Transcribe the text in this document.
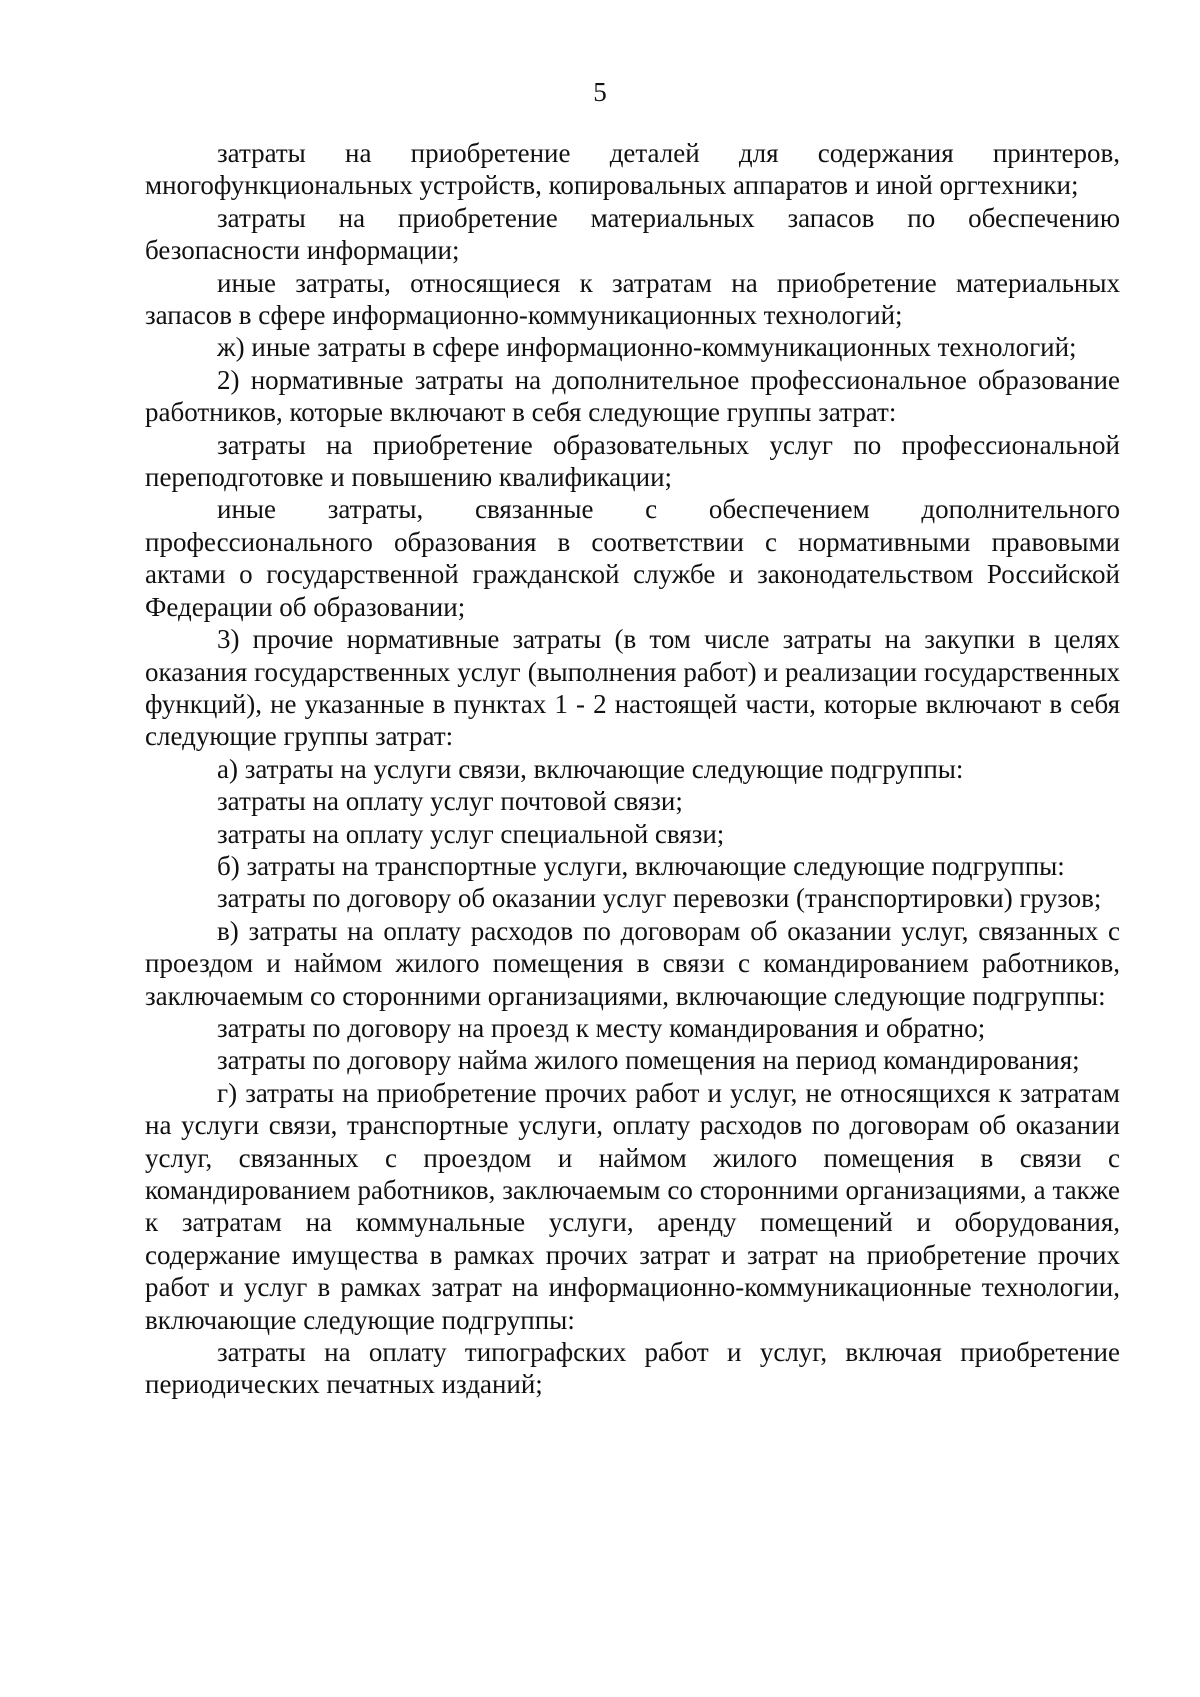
5

затраты на приобретение деталей для содержания принтеров, многофункциональных устройств, копировальных аппаратов и иной оргтехники;

затраты на приобретение материальных запасов по обеспечению безопасности информации;

иные затраты, относящиеся к затратам на приобретение материальных запасов в сфере информационно-коммуникационных технологий;

ж) иные затраты в сфере информационно-коммуникационных технологий;

2) нормативные затраты на дополнительное профессиональное образование работников, которые включают в себя следующие группы затрат:

затраты на приобретение образовательных услуг по профессиональной переподготовке и повышению квалификации;

иные затраты, связанные с обеспечением дополнительного профессионального образования в соответствии с нормативными правовыми актами о государственной гражданской службе и законодательством Российской Федерации об образовании;

3) прочие нормативные затраты (в том числе затраты на закупки в целях оказания государственных услуг (выполнения работ) и реализации государственных функций), не указанные в пунктах 1 - 2 настоящей части, которые включают в себя следующие группы затрат:

а) затраты на услуги связи, включающие следующие подгруппы:

затраты на оплату услуг почтовой связи;

затраты на оплату услуг специальной связи;

б) затраты на транспортные услуги, включающие следующие подгруппы:

затраты по договору об оказании услуг перевозки (транспортировки) грузов;

в) затраты на оплату расходов по договорам об оказании услуг, связанных с проездом и наймом жилого помещения в связи с командированием работников, заключаемым со сторонними организациями, включающие следующие подгруппы:

затраты по договору на проезд к месту командирования и обратно;

затраты по договору найма жилого помещения на период командирования;

г) затраты на приобретение прочих работ и услуг, не относящихся к затратам на услуги связи, транспортные услуги, оплату расходов по договорам об оказании услуг, связанных с проездом и наймом жилого помещения в связи с командированием работников, заключаемым со сторонними организациями, а также к затратам на коммунальные услуги, аренду помещений и оборудования, содержание имущества в рамках прочих затрат и затрат на приобретение прочих работ и услуг в рамках затрат на информационно-коммуникационные технологии, включающие следующие подгруппы:

затраты на оплату типографских работ и услуг, включая приобретение периодических печатных изданий;
